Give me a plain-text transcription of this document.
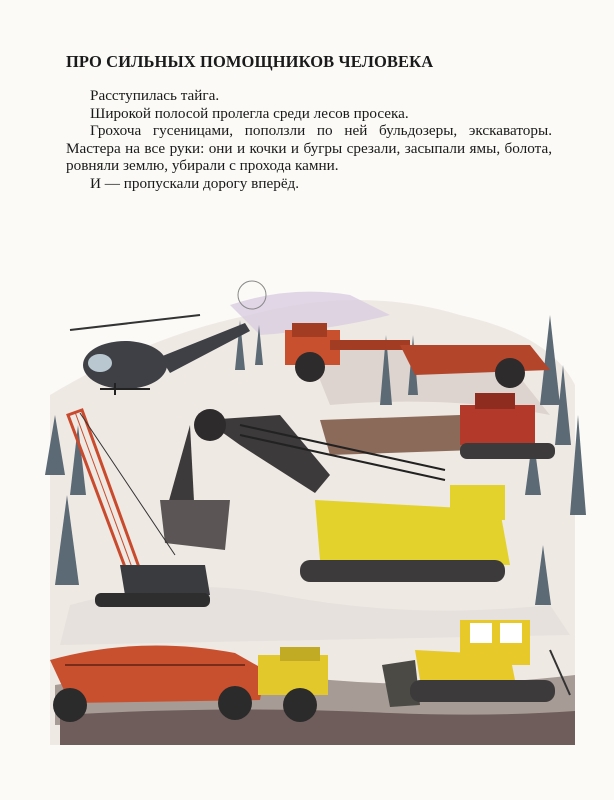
ПРО СИЛЬНЫХ ПОМОЩНИКОВ ЧЕЛОВЕКА

Расступилась тайга.

Широкой полосой пролегла среди лесов просека.

Грохоча гусеницами, поползли по ней бульдозеры, экскаваторы. Мастера на все руки: они и кочки и бугры срезали, засыпали ямы, болота, ровняли землю, убирали с прохода камни.

И — пропускали дорогу вперёд.
